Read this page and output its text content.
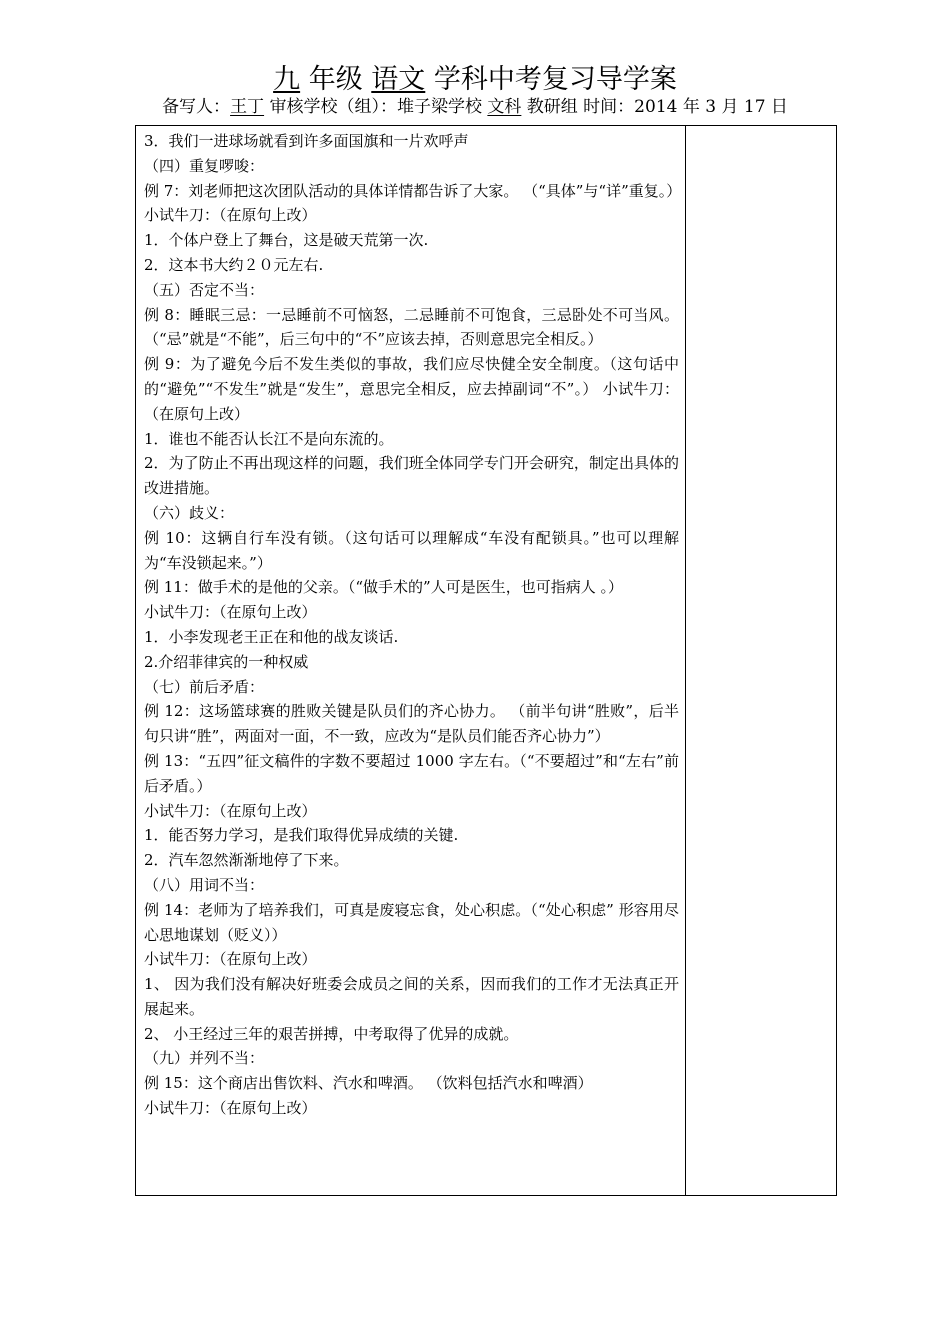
九 年级 语文 学科中考复习导学案
备写人：王丁 审核学校（组）：堆子梁学校 文科 教研组 时间：2014 年 3 月 17 日

3．我们一进球场就看到许多面国旗和一片欢呼声

（四）重复啰唆：

例 7：刘老师把这次团队活动的具体详情都告诉了大家。 （“具体”与“详”重复。）

小试牛刀：（在原句上改）

1．个体户登上了舞台，这是破天荒第一次.

2．这本书大约２０元左右.

（五）否定不当：

例 8：睡眠三忌：一忌睡前不可恼怒，二忌睡前不可饱食，三忌卧处不可当风。（“忌”就是“不能”，后三句中的“不”应该去掉，否则意思完全相反。）

例 9：为了避免今后不发生类似的事故，我们应尽快健全安全制度。（这句话中的“避免”“不发生”就是“发生”，意思完全相反，应去掉副词“不”。） 小试牛刀：（在原句上改）

1．谁也不能否认长江不是向东流的。

2．为了防止不再出现这样的问题，我们班全体同学专门开会研究，制定出具体的改进措施。

（六）歧义：

例 10：这辆自行车没有锁。（这句话可以理解成“车没有配锁具。”也可以理解为“车没锁起来。”）

例 11：做手术的是他的父亲。（“做手术的”人可是医生，也可指病人 。）

小试牛刀：（在原句上改）

1．小李发现老王正在和他的战友谈话.

2.介绍菲律宾的一种权威

（七）前后矛盾：

例 12：这场篮球赛的胜败关键是队员们的齐心协力。 （前半句讲“胜败”，后半句只讲“胜”，两面对一面，不一致，应改为“是队员们能否齐心协力”）

例 13：“五四”征文稿件的字数不要超过 1000 字左右。（“不要超过”和“左右”前后矛盾。）

小试牛刀：（在原句上改）

1．能否努力学习，是我们取得优异成绩的关键.

2．汽车忽然渐渐地停了下来。

（八）用词不当：

例 14：老师为了培养我们，可真是废寝忘食，处心积虑。（“处心积虑” 形容用尽心思地谋划（贬义））

小试牛刀：（在原句上改）

1、 因为我们没有解决好班委会成员之间的关系，因而我们的工作才无法真正开展起来。

2、 小王经过三年的艰苦拼搏，中考取得了优异的成就。

（九）并列不当：

例 15：这个商店出售饮料、汽水和啤酒。 （饮料包括汽水和啤酒）

小试牛刀：（在原句上改）
